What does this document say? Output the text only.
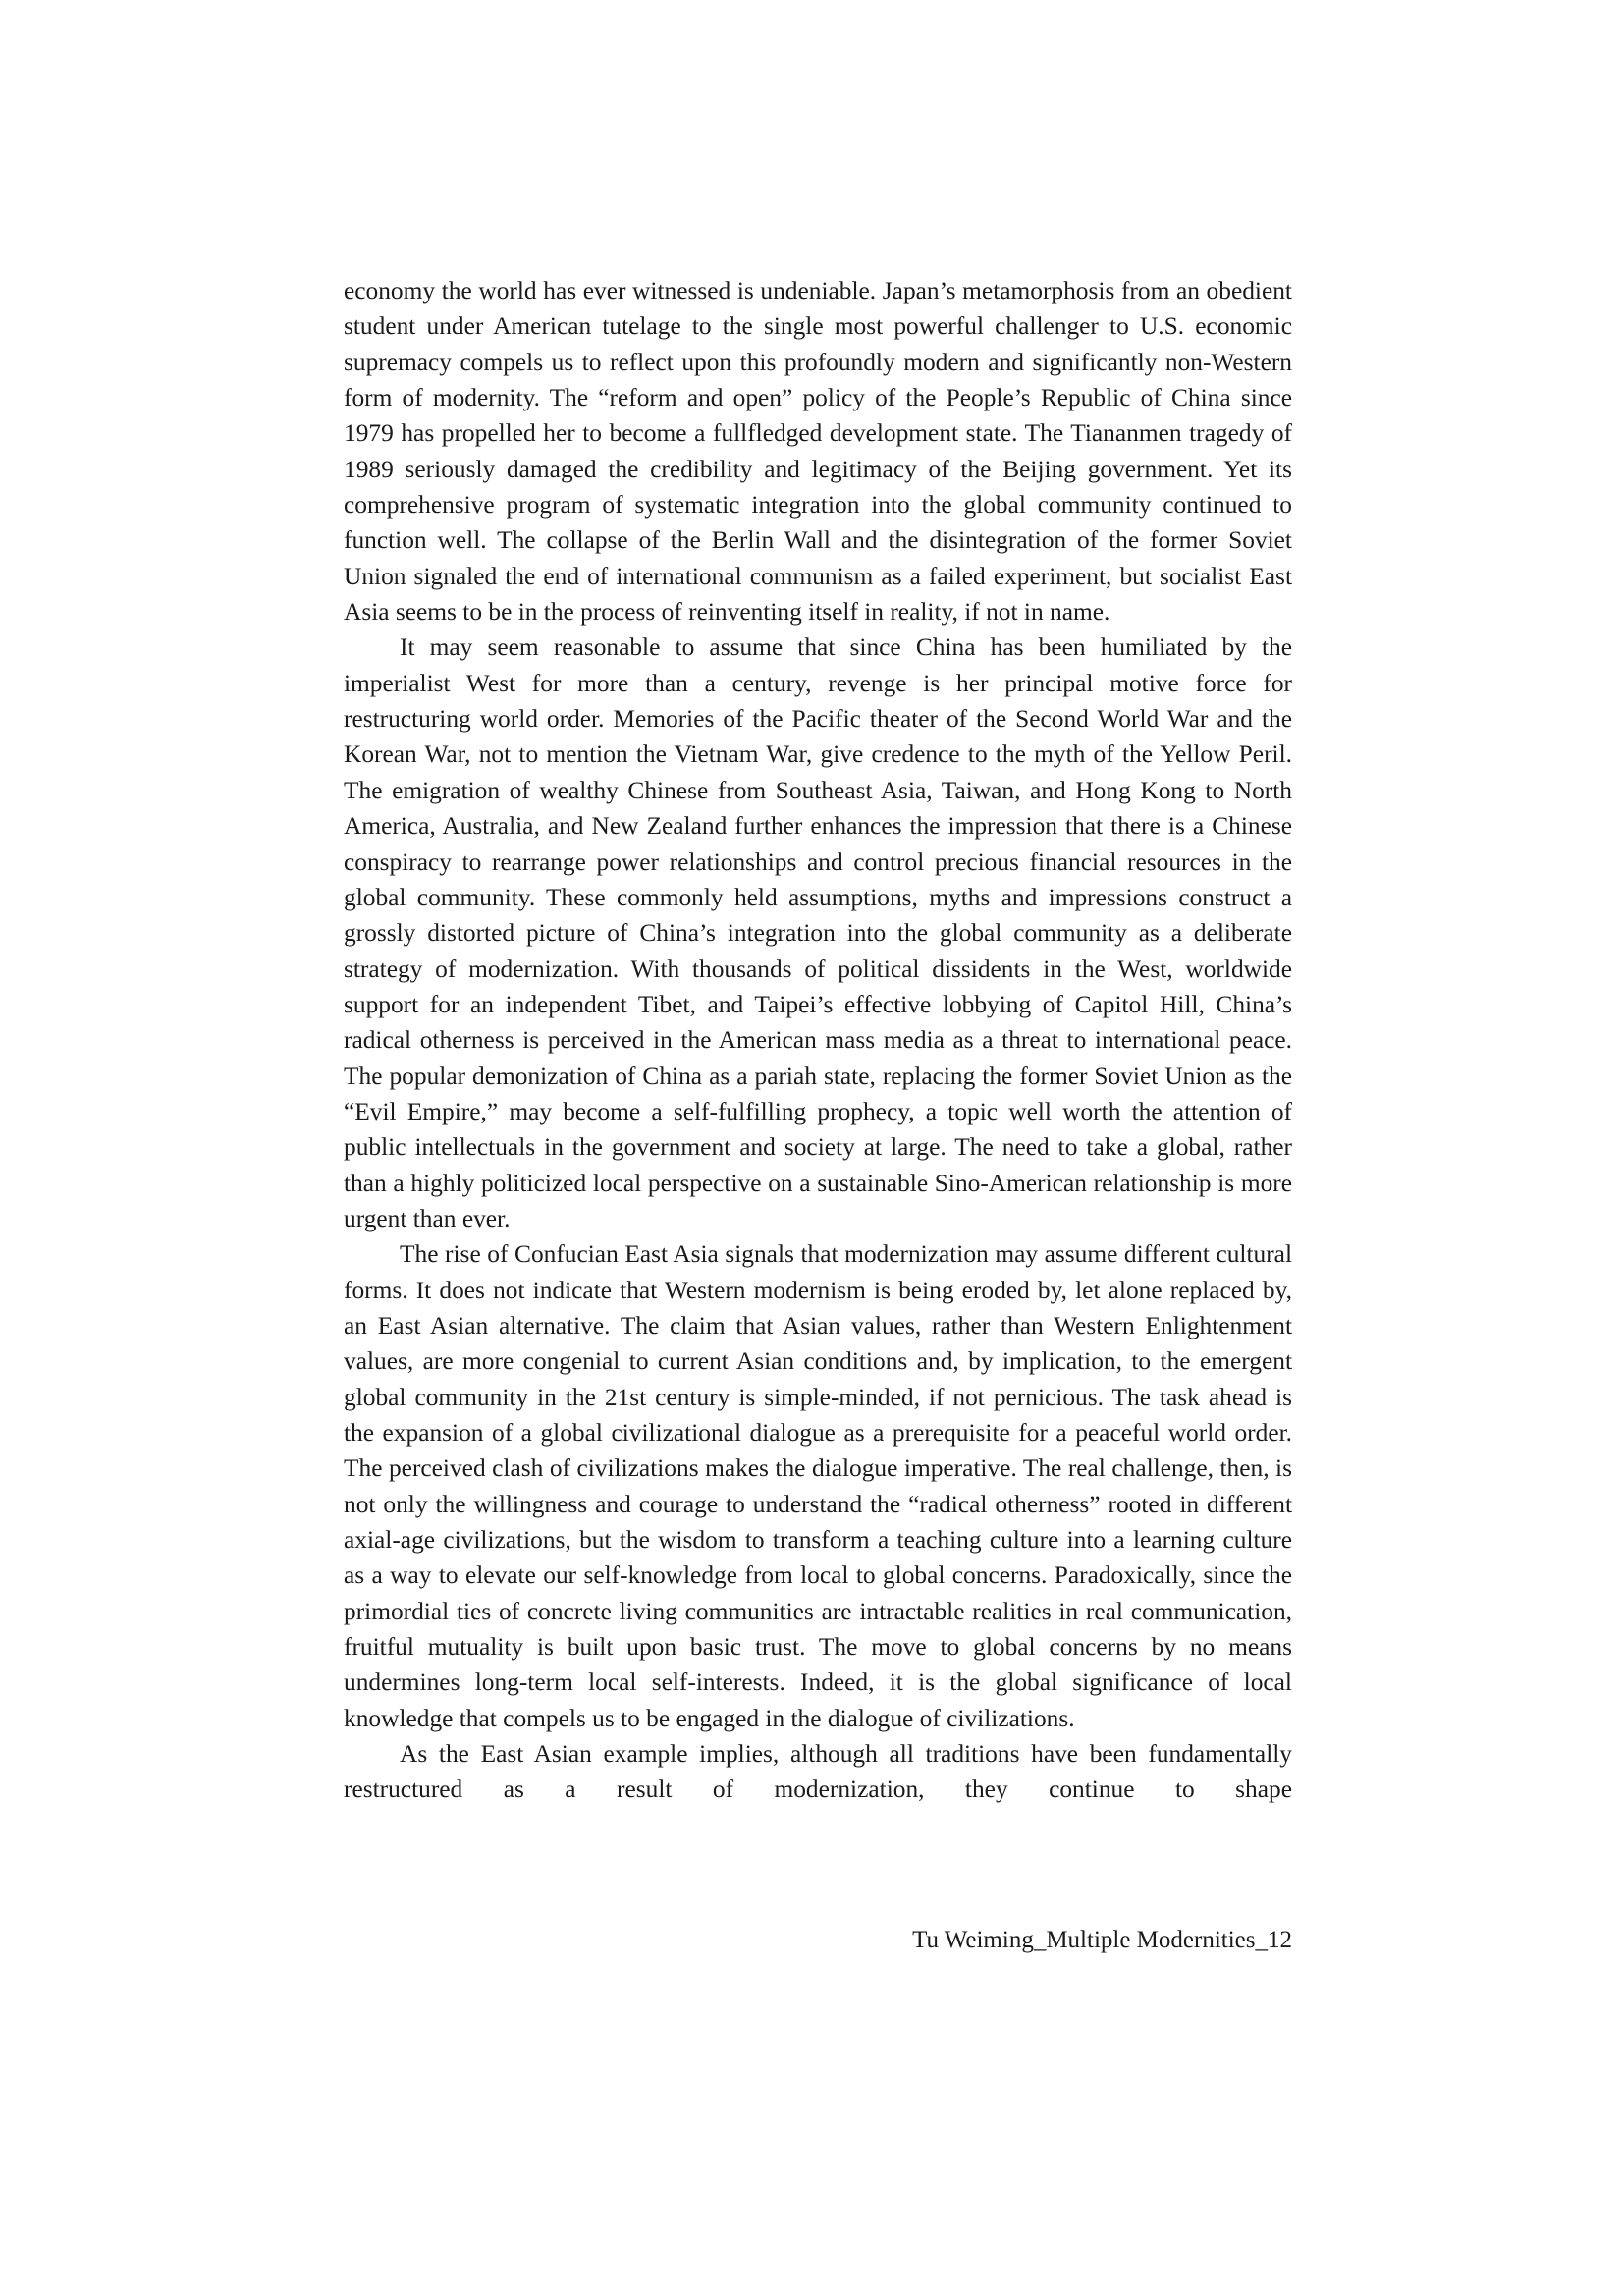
economy the world has ever witnessed is undeniable. Japan’s metamorphosis from an obedient student under American tutelage to the single most powerful challenger to U.S. economic supremacy compels us to reflect upon this profoundly modern and significantly non-Western form of modernity. The “reform and open” policy of the People’s Republic of China since 1979 has propelled her to become a fullfledged development state. The Tiananmen tragedy of 1989 seriously damaged the credibility and legitimacy of the Beijing government. Yet its comprehensive program of systematic integration into the global community continued to function well. The collapse of the Berlin Wall and the disintegration of the former Soviet Union signaled the end of international communism as a failed experiment, but socialist East Asia seems to be in the process of reinventing itself in reality, if not in name.

It may seem reasonable to assume that since China has been humiliated by the imperialist West for more than a century, revenge is her principal motive force for restructuring world order. Memories of the Pacific theater of the Second World War and the Korean War, not to mention the Vietnam War, give credence to the myth of the Yellow Peril. The emigration of wealthy Chinese from Southeast Asia, Taiwan, and Hong Kong to North America, Australia, and New Zealand further enhances the impression that there is a Chinese conspiracy to rearrange power relationships and control precious financial resources in the global community. These commonly held assumptions, myths and impressions construct a grossly distorted picture of China’s integration into the global community as a deliberate strategy of modernization. With thousands of political dissidents in the West, worldwide support for an independent Tibet, and Taipei’s effective lobbying of Capitol Hill, China’s radical otherness is perceived in the American mass media as a threat to international peace. The popular demonization of China as a pariah state, replacing the former Soviet Union as the “Evil Empire,” may become a self-fulfilling prophecy, a topic well worth the attention of public intellectuals in the government and society at large. The need to take a global, rather than a highly politicized local perspective on a sustainable Sino-American relationship is more urgent than ever.

The rise of Confucian East Asia signals that modernization may assume different cultural forms. It does not indicate that Western modernism is being eroded by, let alone replaced by, an East Asian alternative. The claim that Asian values, rather than Western Enlightenment values, are more congenial to current Asian conditions and, by implication, to the emergent global community in the 21st century is simple-minded, if not pernicious. The task ahead is the expansion of a global civilizational dialogue as a prerequisite for a peaceful world order. The perceived clash of civilizations makes the dialogue imperative. The real challenge, then, is not only the willingness and courage to understand the “radical otherness” rooted in different axial-age civilizations, but the wisdom to transform a teaching culture into a learning culture as a way to elevate our self-knowledge from local to global concerns. Paradoxically, since the primordial ties of concrete living communities are intractable realities in real communication, fruitful mutuality is built upon basic trust. The move to global concerns by no means undermines long-term local self-interests. Indeed, it is the global significance of local knowledge that compels us to be engaged in the dialogue of civilizations.

As the East Asian example implies, although all traditions have been fundamentally restructured as a result of modernization, they continue to shape

Tu Weiming_Multiple Modernities_12
